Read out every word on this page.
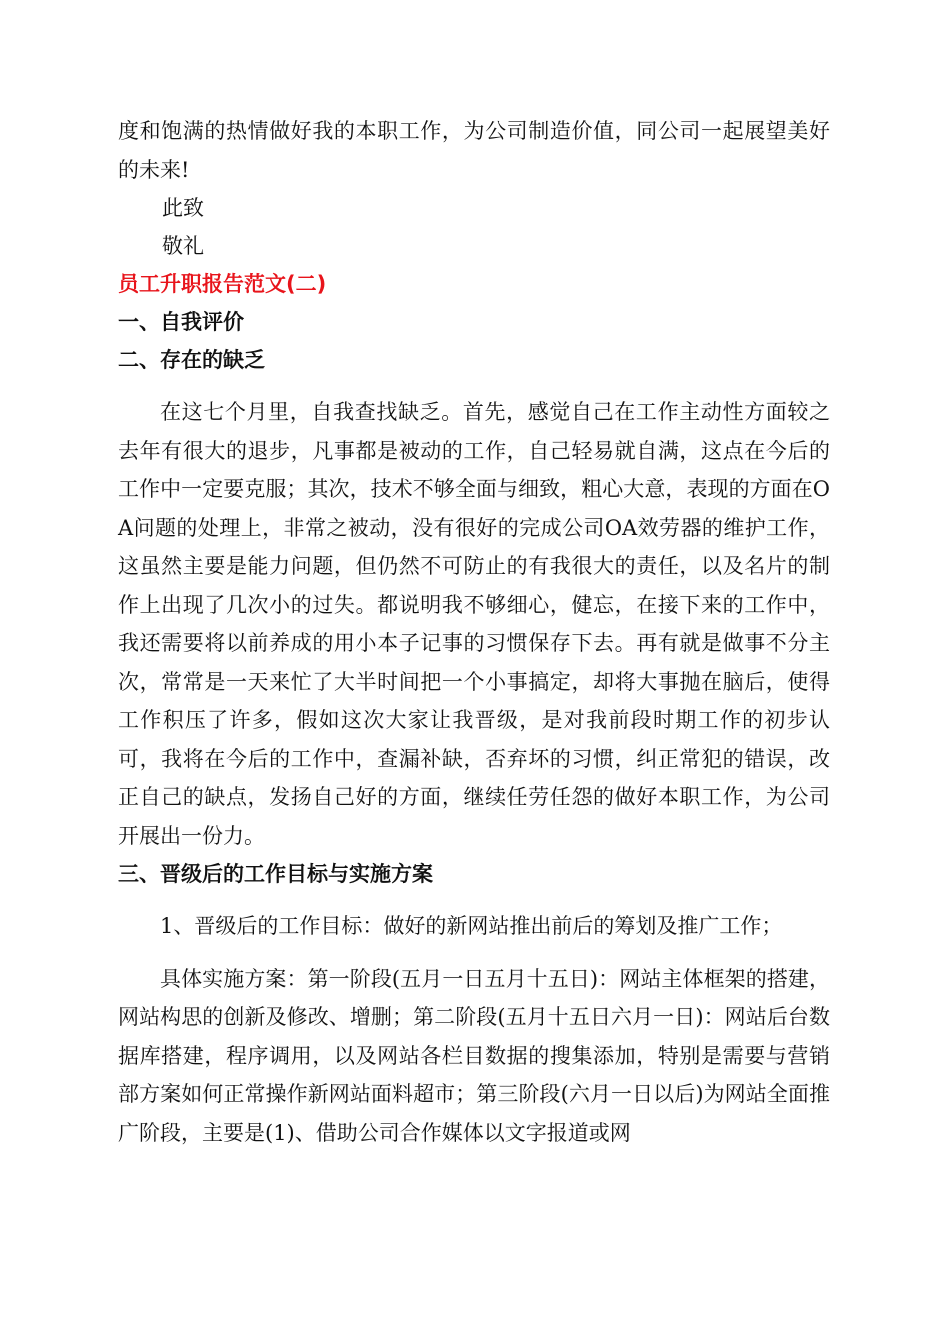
度和饱满的热情做好我的本职工作，为公司制造价值，同公司一起展望美好的未来!

此致

敬礼

员工升职报告范文(二)
一、自我评价
二、存在的缺乏

在这七个月里，自我查找缺乏。首先，感觉自己在工作主动性方面较之去年有很大的退步，凡事都是被动的工作，自己轻易就自满，这点在今后的工作中一定要克服；其次，技术不够全面与细致，粗心大意，表现的方面在OA问题的处理上，非常之被动，没有很好的完成公司OA效劳器的维护工作，这虽然主要是能力问题，但仍然不可防止的有我很大的责任，以及名片的制作上出现了几次小的过失。都说明我不够细心，健忘，在接下来的工作中，我还需要将以前养成的用小本子记事的习惯保存下去。再有就是做事不分主次，常常是一天来忙了大半时间把一个小事搞定，却将大事抛在脑后，使得工作积压了许多，假如这次大家让我晋级，是对我前段时期工作的初步认可，我将在今后的工作中，查漏补缺，否弃坏的习惯，纠正常犯的错误，改正自己的缺点，发扬自己好的方面，继续任劳任怨的做好本职工作，为公司开展出一份力。

三、晋级后的工作目标与实施方案

1、晋级后的工作目标：做好的新网站推出前后的筹划及推广工作；

具体实施方案：第一阶段(五月一日五月十五日)：网站主体框架的搭建，网站构思的创新及修改、增删；第二阶段(五月十五日六月一日)：网站后台数据库搭建，程序调用，以及网站各栏目数据的搜集添加，特别是需要与营销部方案如何正常操作新网站面料超市；第三阶段(六月一日以后)为网站全面推广阶段，主要是(1)、借助公司合作媒体以文字报道或网
